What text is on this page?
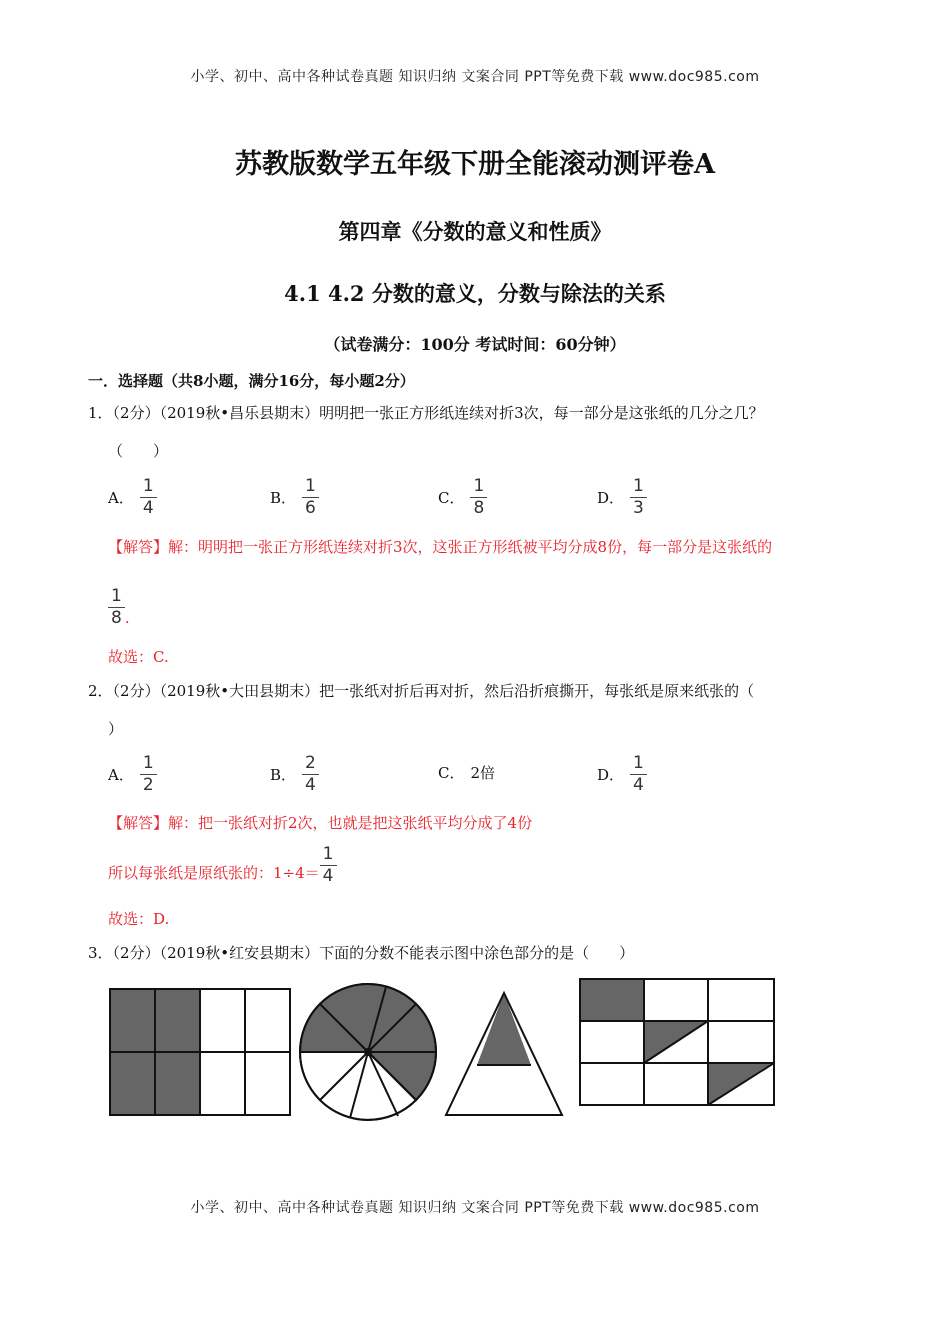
小学、初中、高中各种试卷真题 知识归纳 文案合同 PPT等免费下载 www.doc985.com
苏教版数学五年级下册全能滚动测评卷A
第四章《分数的意义和性质》
4.1 4.2 分数的意义，分数与除法的关系
（试卷满分：100分 考试时间：60分钟）
一．选择题（共8小题，满分16分，每小题2分）
1．（2分）（2019秋•昌乐县期末）明明把一张正方形纸连续对折3次，每一部分是这张纸的几分之几？
（　　）
A． $\frac{1}{4}$	B． $\frac{1}{6}$	C． $\frac{1}{8}$	D． $\frac{1}{3}$
【解答】解：明明把一张正方形纸连续对折3次，这张正方形纸被平均分成8份，每一部分是这张纸的
$\frac{1}{8}$ .
故选：C.
2．（2分）（2019秋•大田县期末）把一张纸对折后再对折，然后沿折痕撕开，每张纸是原来纸张的（
）
A． $\frac{1}{2}$	B． $\frac{2}{4}$	C． 2倍	D． $\frac{1}{4}$
【解答】解：把一张纸对折2次，也就是把这张纸平均分成了4份
所以每张纸是原纸张的：$1\div 4= \frac{1}{4}$
故选：D.
3．（2分）（2019秋•红安县期末）下面的分数不能表示图中涂色部分的是（　　）
小学、初中、高中各种试卷真题 知识归纳 文案合同 PPT等免费下载 www.doc985.com
